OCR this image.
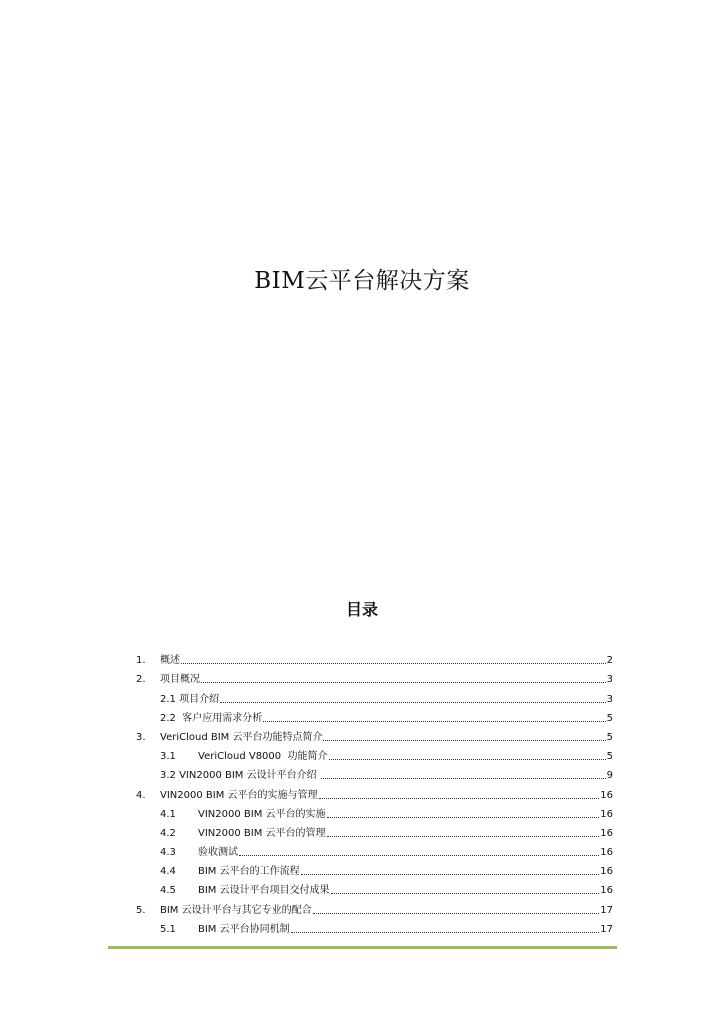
BIM云平台解决方案
目录
1.	概述	2
2.	项目概况	3
2.1 项目介绍	3
2.2  客户应用需求分析	5
3.	VeriCloud BIM 云平台功能特点简介	5
3.1	VeriCloud V8000  功能简介	5
3.2 VIN2000 BIM 云设计平台介绍	9
4.	VIN2000 BIM 云平台的实施与管理	16
4.1	VIN2000 BIM 云平台的实施	16
4.2	VIN2000 BIM 云平台的管理	16
4.3	验收测试	16
4.4	BIM 云平台的工作流程	16
4.5	BIM 云设计平台项目交付成果	16
5.	BIM 云设计平台与其它专业的配合	17
5.1	BIM 云平台协同机制	17
